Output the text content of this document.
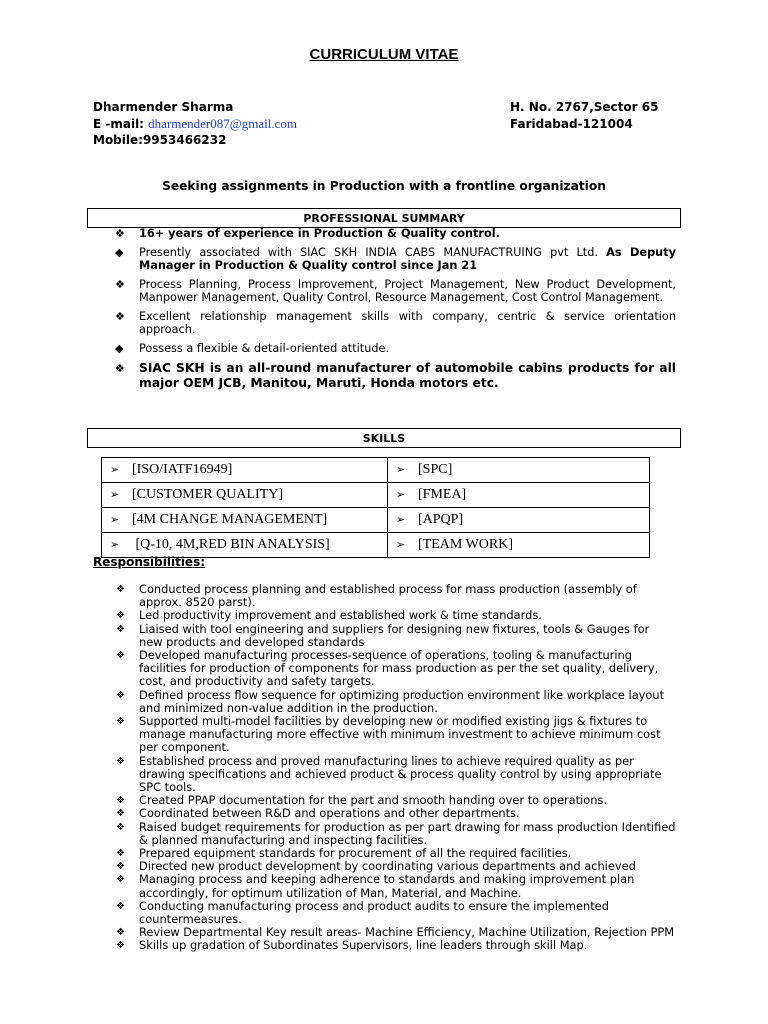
CURRICULUM VITAE
Dharmender Sharma
E -mail: dharmender087@gmail.com
Mobile:9953466232
H. No. 2767,Sector 65
Faridabad-121004
Seeking assignments in Production with a frontline organization
PROFESSIONAL SUMMARY
❖ 16+ years of experience in Production & Quality control.
◆ Presently associated with SIAC SKH INDIA CABS MANUFACTRUING pvt Ltd. As Deputy Manager in Production & Quality control since Jan 21
❖ Process Planning, Process Improvement, Project Management, New Product Development, Manpower Management, Quality Control, Resource Management, Cost Control Management.
❖ Excellent relationship management skills with company, centric & service orientation approach.
◆ Possess a flexible & detail-oriented attitude.
❖ SIAC SKH is an all-round manufacturer of automobile cabins products for all major OEM JCB, Manitou, Maruti, Honda motors etc.
SKILLS
➢ [ISO/IATF16949]	➢ [SPC]
➢ [CUSTOMER QUALITY]	➢ [FMEA]
➢ [4M CHANGE MANAGEMENT]	➢ [APQP]
➢ [Q-10, 4M,RED BIN ANALYSIS]	➢ [TEAM WORK]
Responsibilities:
❖ Conducted process planning and established process for mass production (assembly of approx. 8520 parst).
❖ Led productivity improvement and established work & time standards.
❖ Liaised with tool engineering and suppliers for designing new fixtures, tools & Gauges for new products and developed standards
❖ Developed manufacturing processes-sequence of operations, tooling & manufacturing facilities for production of components for mass production as per the set quality, delivery, cost, and productivity and safety targets.
❖ Defined process flow sequence for optimizing production environment like workplace layout and minimized non-value addition in the production.
❖ Supported multi-model facilities by developing new or modified existing jigs & fixtures to manage manufacturing more effective with minimum investment to achieve minimum cost per component.
❖ Established process and proved manufacturing lines to achieve required quality as per drawing specifications and achieved product & process quality control by using appropriate SPC tools.
❖ Created PPAP documentation for the part and smooth handing over to operations.
❖ Coordinated between R&D and operations and other departments.
❖ Raised budget requirements for production as per part drawing for mass production Identified & planned manufacturing and inspecting facilities.
❖ Prepared equipment standards for procurement of all the required facilities.
❖ Directed new product development by coordinating various departments and achieved
❖ Managing process and keeping adherence to standards and making improvement plan accordingly, for optimum utilization of Man, Material, and Machine.
❖ Conducting manufacturing process and product audits to ensure the implemented countermeasures.
❖ Review Departmental Key result areas- Machine Efficiency, Machine Utilization, Rejection PPM
❖ Skills up gradation of Subordinates Supervisors, line leaders through skill Map.
